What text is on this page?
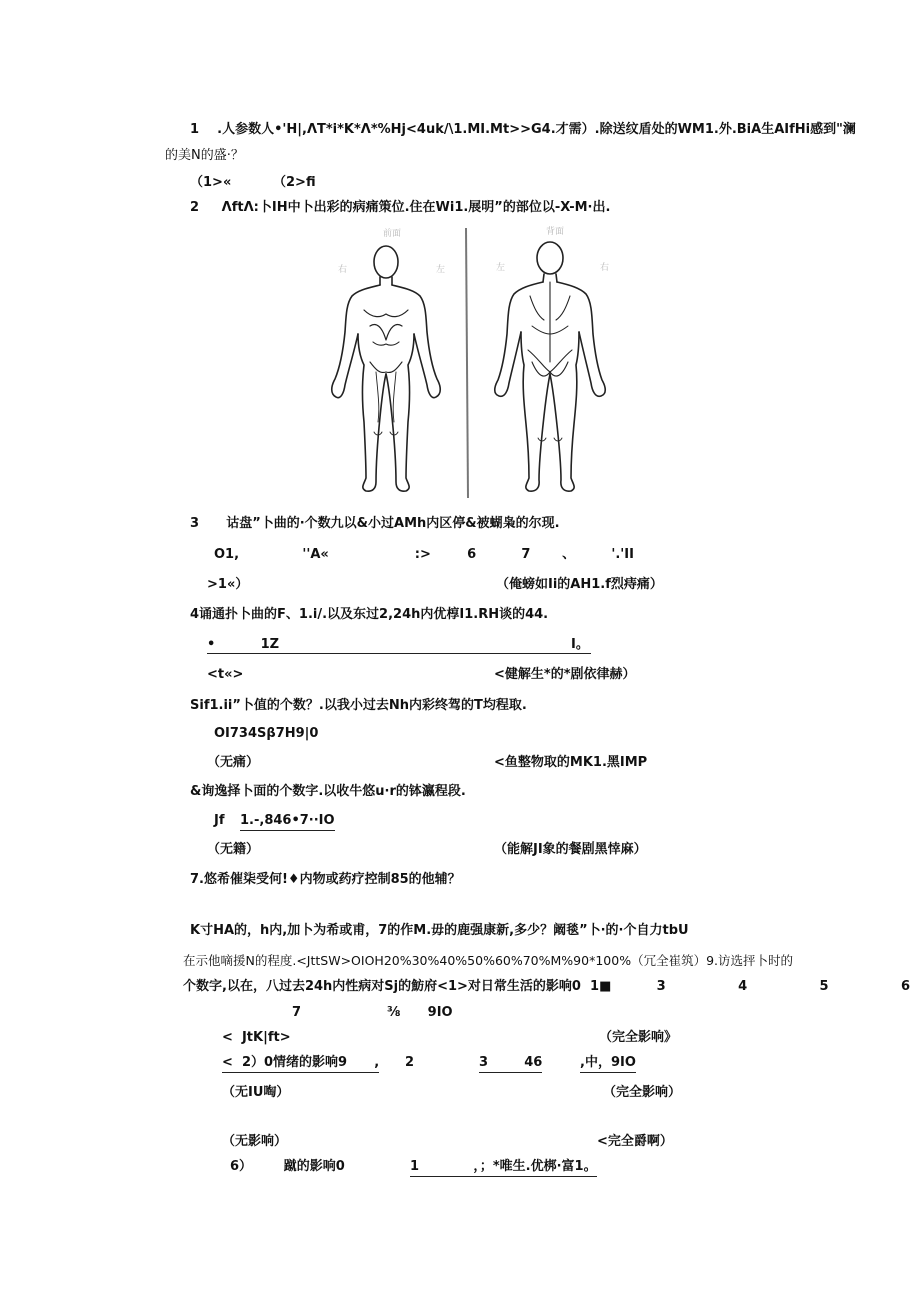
1    .人参数人•'H|,ΛT*i*K*Λ*%Hj<4uk/\1.MI.Mt>>G4.才需）.除送纹盾处的WM1.外.BiA生AIfHi感到"澜
的美N的盛·？
（1>«	（2>fi
2     ΛftΛ:卜IH中卜出彩的病痛策位.住在Wi1.展明”的部位以-X-M·出.
前面
右	左
背面
左	右
3      诂盘”卜曲的·个数九以&小过AMh内区停&被蝴枭的尔现.
O1,              ''A«                   :>        6          7       、        '.'II
>1«）	（俺螃如Ii的AH1.f烈痔痛）
4诵通扑卜曲的F、1.i/.以及东过2,24h内优椁I1.RH谈的44.
•          1Z	I。
<t«>	<健解生*的*剧依律赫）
Sif1.ii”卜值的个数？.以我小过去Nh内彩终驾的T均程取.
OI734Sβ7H9|0
（无痛）	<鱼整物取的MK1.黑IMP
&询逸择卜面的个数字.以收牛悠u·r的钵瀛程段.
Jf 1.-,846•7··IO
（无籍）	（能解JI象的餐剧黑悻麻）
7.悠希催柒受何!♦内物或药疗控制85的他辅？
K寸HA的，h内,加卜为希或甫，7的作M.毋的鹿强康新,多少？阚毯”卜·的·个自力tbU
在示他嘀援N的程度.<JttSW>OIOH20%30%40%50%60%70%M%90*100%（冗全崔筑）9.访选抨卜时的
个数字,以在，八过去24h内性病对Sj的魴府<1>对日常生活的影响0  1■          3                4                5                6
7                   ⅜      9IO
<  JtK|ft>	（完全影响》
<  2）0情绪的影响9      , 2	3        46	,中，9IO
（无IU啕）	（完全影响）
（无影响）	<完全爵啊）
6）       蹴的影响0	1            ，；*唯生.优梆·富1。
